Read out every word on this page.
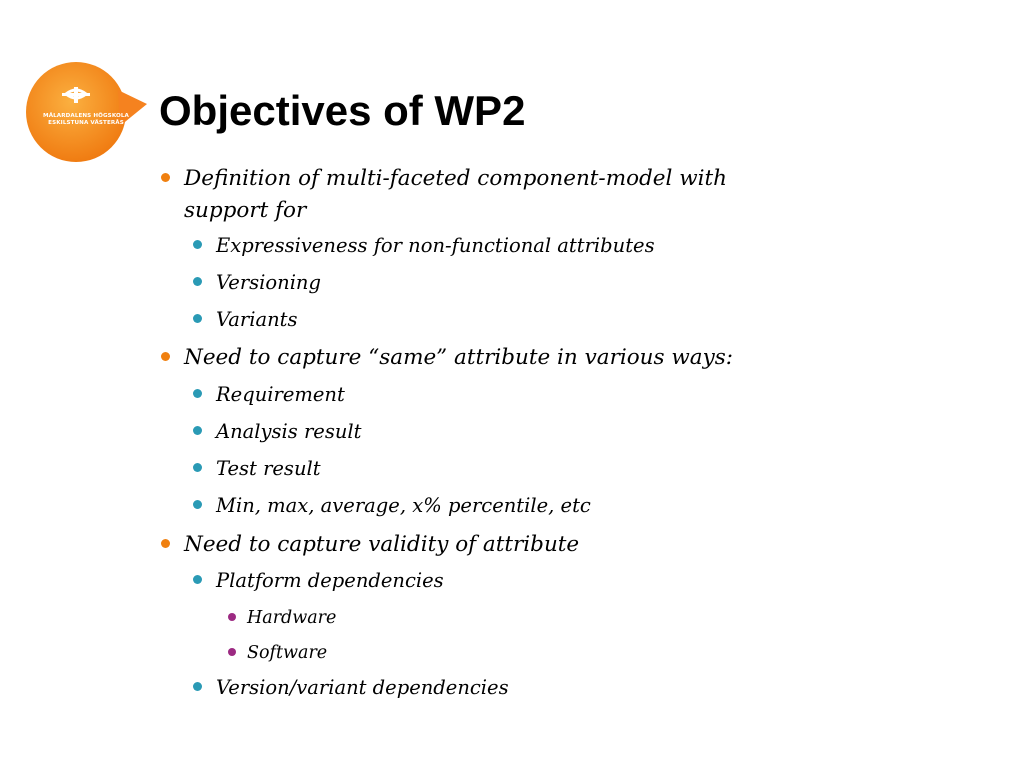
MÄLARDALENS HÖGSKOLA
ESKILSTUNA VÄSTERÅS Objectives of WP2
Definition of multi-faceted component-model with
support for
Expressiveness for non-functional attributes
Versioning
Variants
Need to capture “same” attribute in various ways:
Requirement
Analysis result
Test result
Min, max, average, x% percentile, etc
Need to capture validity of attribute
Platform dependencies
Hardware
Software
Version/variant dependencies
